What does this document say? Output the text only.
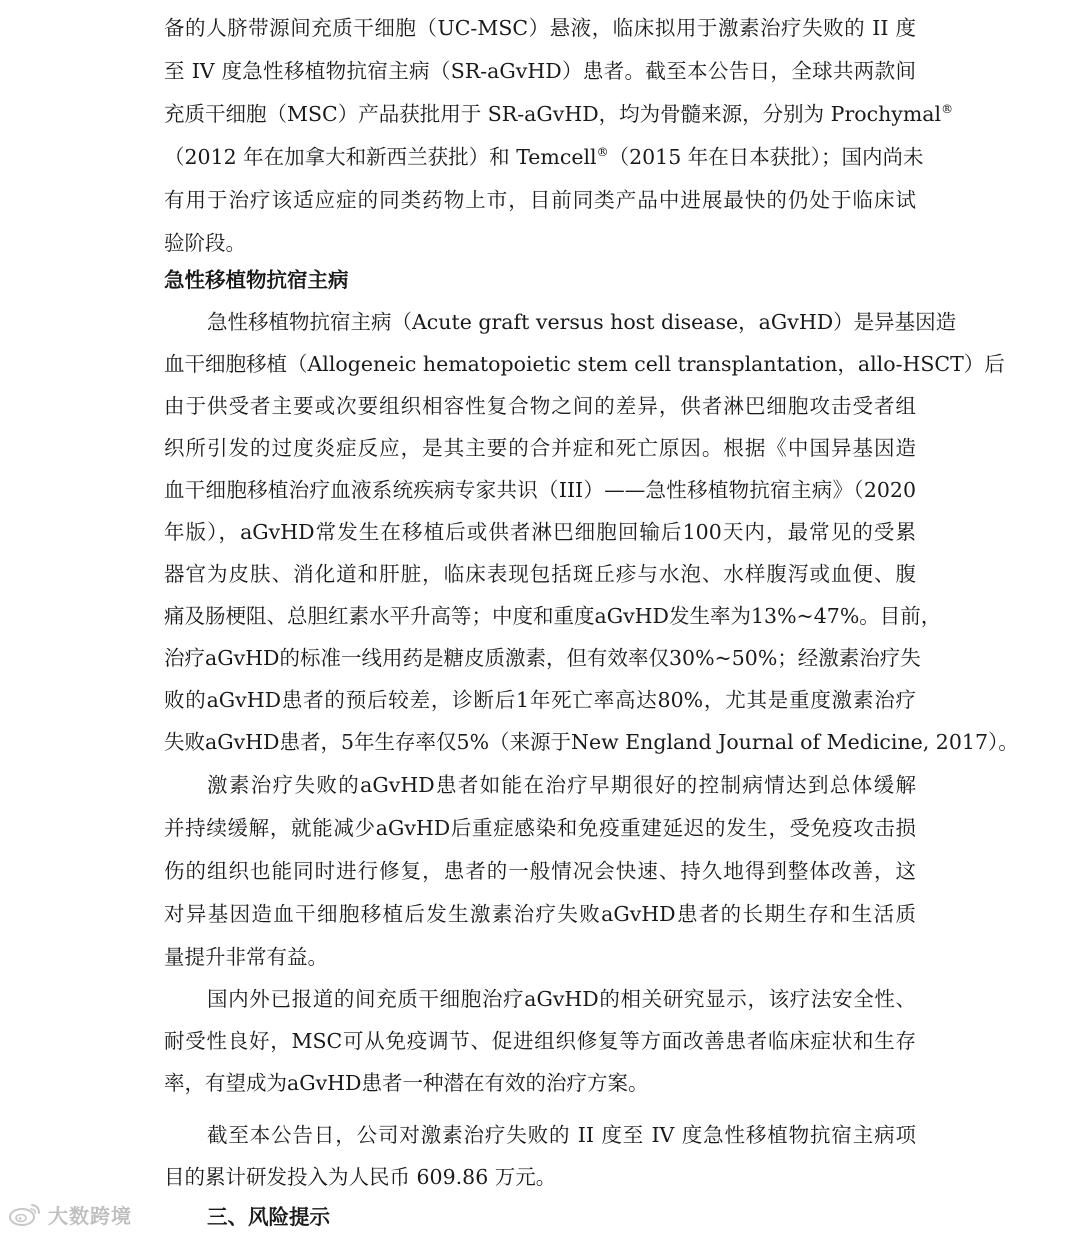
备的人脐带源间充质干细胞（UC-MSC）悬液，临床拟用于激素治疗失败的 II 度
至 IV 度急性移植物抗宿主病（SR-aGvHD）患者。截至本公告日，全球共两款间
充质干细胞（MSC）产品获批用于 SR-aGvHD，均为骨髓来源，分别为 Prochymal®
（2012 年在加拿大和新西兰获批）和 Temcell®（2015 年在日本获批）；国内尚未
有用于治疗该适应症的同类药物上市，目前同类产品中进展最快的仍处于临床试
验阶段。
急性移植物抗宿主病
急性移植物抗宿主病（Acute graft versus host disease，aGvHD）是异基因造
血干细胞移植（Allogeneic hematopoietic stem cell transplantation，allo-HSCT）后
由于供受者主要或次要组织相容性复合物之间的差异，供者淋巴细胞攻击受者组
织所引发的过度炎症反应，是其主要的合并症和死亡原因。根据《中国异基因造
血干细胞移植治疗血液系统疾病专家共识（III）——急性移植物抗宿主病》（2020
年版），aGvHD常发生在移植后或供者淋巴细胞回输后100天内，最常见的受累
器官为皮肤、消化道和肝脏，临床表现包括斑丘疹与水泡、水样腹泻或血便、腹
痛及肠梗阻、总胆红素水平升高等；中度和重度aGvHD发生率为13%~47%。目前，
治疗aGvHD的标准一线用药是糖皮质激素，但有效率仅30%~50%；经激素治疗失
败的aGvHD患者的预后较差，诊断后1年死亡率高达80%，尤其是重度激素治疗
失败aGvHD患者，5年生存率仅5%（来源于New England Journal of Medicine, 2017）。
激素治疗失败的aGvHD患者如能在治疗早期很好的控制病情达到总体缓解
并持续缓解，就能减少aGvHD后重症感染和免疫重建延迟的发生，受免疫攻击损
伤的组织也能同时进行修复，患者的一般情况会快速、持久地得到整体改善，这
对异基因造血干细胞移植后发生激素治疗失败aGvHD患者的长期生存和生活质
量提升非常有益。
国内外已报道的间充质干细胞治疗aGvHD的相关研究显示，该疗法安全性、
耐受性良好，MSC可从免疫调节、促进组织修复等方面改善患者临床症状和生存
率，有望成为aGvHD患者一种潜在有效的治疗方案。
截至本公告日，公司对激素治疗失败的 II 度至 IV 度急性移植物抗宿主病项
目的累计研发投入为人民币 609.86 万元。
三、风险提示
大数跨境
